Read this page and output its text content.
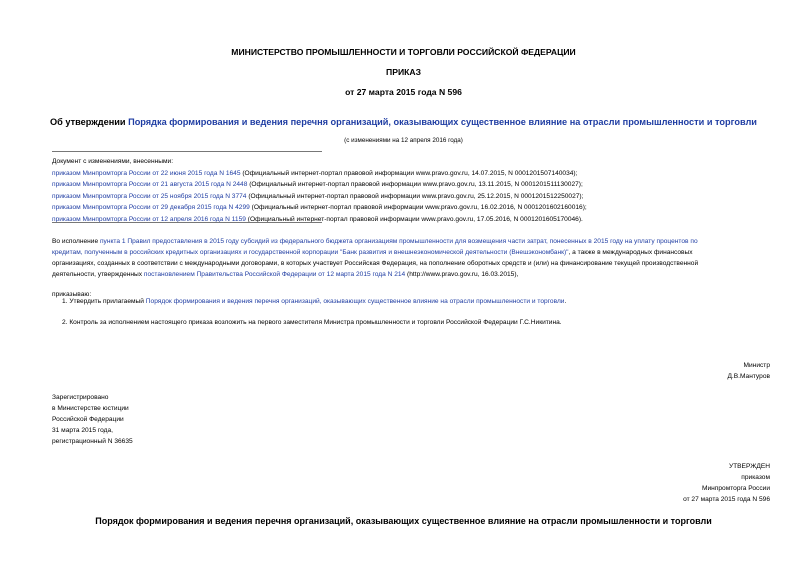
МИНИСТЕРСТВО ПРОМЫШЛЕННОСТИ И ТОРГОВЛИ РОССИЙСКОЙ ФЕДЕРАЦИИ
ПРИКАЗ
от 27 марта 2015 года N 596
Об утверждении Порядка формирования и ведения перечня организаций, оказывающих существенное влияние на отрасли промышленности и торговли
(с изменениями на 12 апреля 2016 года)
Документ с изменениями, внесенными:
приказом Минпромторга России от 22 июня 2015 года N 1645 (Официальный интернет-портал правовой информации www.pravo.gov.ru, 14.07.2015, N 0001201507140034);
приказом Минпромторга России от 21 августа 2015 года N 2448 (Официальный интернет-портал правовой информации www.pravo.gov.ru, 13.11.2015, N 0001201511130027);
приказом Минпромторга России от 25 ноября 2015 года N 3774 (Официальный интернет-портал правовой информации www.pravo.gov.ru, 25.12.2015, N 0001201512250027);
приказом Минпромторга России от 29 декабря 2015 года N 4299 (Официальный интернет-портал правовой информации www.pravo.gov.ru, 16.02.2016, N 0001201602160016);
приказом Минпромторга России от 12 апреля 2016 года N 1159 (Официальный интернет-портал правовой информации www.pravo.gov.ru, 17.05.2016, N 0001201605170046).
Во исполнение пункта 1 Правил предоставления в 2015 году субсидий из федерального бюджета организациям промышленности для возмещения части затрат, понесенных в 2015 году на уплату процентов по
кредитам, полученным в российских кредитных организациях и государственной корпорации "Банк развития и внешнеэкономической деятельности (Внешэкономбанк)", а также в международных финансовых
организациях, созданных в соответствии с международными договорами, в которых участвует Российская Федерация, на пополнение оборотных средств и (или) на финансирование текущей производственной
деятельности, утвержденных постановлением Правительства Российской Федерации от 12 марта 2015 года N 214 (http://www.pravo.gov.ru, 16.03.2015),
приказываю:
1. Утвердить прилагаемый Порядок формирования и ведения перечня организаций, оказывающих существенное влияние на отрасли промышленности и торговли.
2. Контроль за исполнением настоящего приказа возложить на первого заместителя Министра промышленности и торговли Российской Федерации Г.С.Никитина.
Министр
Д.В.Мантуров
Зарегистрировано
в Министерстве юстиции
Российской Федерации
31 марта 2015 года,
регистрационный N 36635
УТВЕРЖДЕН
приказом
Минпромторга России
от 27 марта 2015 года N 596
Порядок формирования и ведения перечня организаций, оказывающих существенное влияние на отрасли промышленности и торговли
